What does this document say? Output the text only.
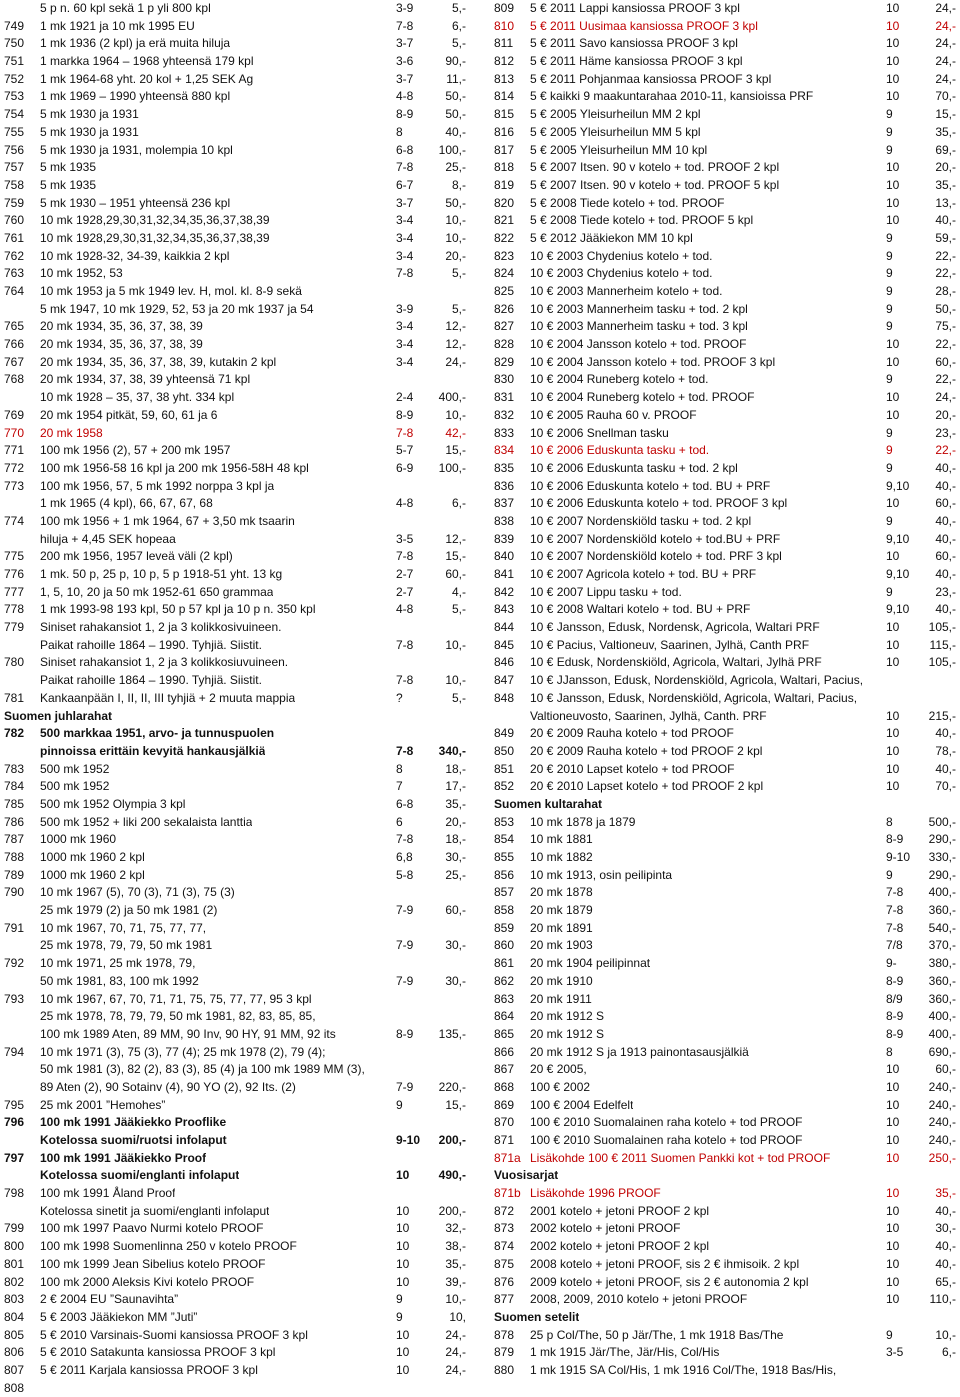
5 p n. 60 kpl sekä 1 p yli 800 kpl	3-9	5,-
749	1 mk 1921 ja 10 mk 1995 EU	7-8	6,-
750	1 mk 1936 (2 kpl) ja erä muita hiluja	3-7	5,-
751	1 markka 1964 – 1968 yhteensä 179 kpl	3-6	90,-
752	1 mk 1964-68 yht. 20 kol + 1,25 SEK Ag	3-7	11,-
753	1 mk 1969 – 1990 yhteensä 880 kpl	4-8	50,-
754	5 mk 1930 ja 1931	8-9	50,-
755	5 mk 1930 ja 1931	8	40,-
756	5 mk 1930 ja 1931, molempia 10 kpl	6-8	100,-
757	5 mk 1935	7-8	25,-
758	5 mk 1935	6-7	8,-
759	5 mk 1930 – 1951 yhteensä 236 kpl	3-7	50,-
760	10 mk 1928,29,30,31,32,34,35,36,37,38,39	3-4	10,-
761	10 mk 1928,29,30,31,32,34,35,36,37,38,39	3-4	10,-
762	10 mk 1928-32, 34-39, kaikkia 2 kpl	3-4	20,-
763	10 mk 1952, 53	7-8	5,-
764	10 mk 1953 ja 5 mk 1949 lev. H, mol. kl. 8-9 sekä
5 mk 1947, 10 mk 1929, 52, 53 ja 20 mk 1937 ja 54	3-9	5,-
765	20 mk 1934, 35, 36, 37, 38, 39	3-4	12,-
766	20 mk 1934, 35, 36, 37, 38, 39	3-4	12,-
767	20 mk 1934, 35, 36, 37, 38, 39, kutakin 2 kpl	3-4	24,-
768	20 mk 1934, 37, 38, 39 yhteensä 71 kpl
10 mk 1928 – 35, 37, 38 yht. 334 kpl	2-4	400,-
769	20 mk 1954 pitkät, 59, 60, 61 ja 6	8-9	10,-
770	20 mk 1958	7-8	42,-
771	100 mk 1956 (2), 57 + 200 mk 1957	5-7	15,-
772	100 mk 1956-58 16 kpl ja 200 mk 1956-58H 48 kpl	6-9	100,-
773	100 mk 1956, 57, 5 mk 1992 norppa 3 kpl ja
1 mk 1965 (4 kpl), 66, 67, 67, 68	4-8	6,-
774	100 mk 1956 + 1 mk 1964, 67 + 3,50 mk tsaarin
hiluja + 4,45 SEK hopeaa	3-5	12,-
775	200 mk 1956, 1957 leveä väli (2 kpl)	7-8	15,-
776	1 mk. 50 p, 25 p, 10 p, 5 p 1918-51 yht. 13 kg	2-7	60,-
777	1, 5, 10, 20 ja 50 mk 1952-61 650 grammaa	2-7	4,-
778	1 mk 1993-98 193 kpl, 50 p 57 kpl ja 10 p n. 350 kpl	4-8	5,-
779	Siniset rahakansiot 1, 2 ja 3 kolikkosivuineen.
Paikat rahoille 1864 – 1990. Tyhjiä. Siistit.	7-8	10,-
780	Siniset rahakansiot 1, 2 ja 3 kolikkosiuvuineen.
Paikat rahoille 1864 – 1990. Tyhjiä. Siistit.	7-8	10,-
781	Kankaanpään I, II, II, III tyhjiä + 2 muuta mappia	?	5,-
Suomen juhlarahat
782	500 markkaa 1951, arvo- ja tunnuspuolen
pinnoissa erittäin kevyitä hankausjälkiä	7-8	340,-
783	500 mk 1952	8	18,-
784	500 mk 1952	7	17,-
785	500 mk 1952 Olympia 3 kpl	6-8	35,-
786	500 mk 1952 + liki 200 sekalaista lanttia	6	20,-
787	1000 mk 1960	7-8	18,-
788	1000 mk 1960 2 kpl	6,8	30,-
789	1000 mk 1960 2 kpl	5-8	25,-
790	10 mk 1967 (5), 70 (3), 71 (3), 75 (3)
25 mk 1979 (2) ja 50 mk 1981 (2)	7-9	60,-
791	10 mk 1967, 70, 71, 75, 77, 77,
25 mk 1978, 79, 79, 50 mk 1981	7-9	30,-
792	10 mk 1971, 25 mk 1978, 79,
50 mk 1981, 83, 100 mk 1992	7-9	30,-
793	10 mk 1967, 67, 70, 71, 71, 75, 75, 77, 77, 95 3 kpl
25 mk 1978, 78, 79, 79, 50 mk 1981, 82, 83, 85, 85,
100 mk 1989 Aten, 89 MM, 90 Inv, 90 HY, 91 MM, 92 its	8-9	135,-
794	10 mk 1971 (3), 75 (3), 77 (4); 25 mk 1978 (2), 79 (4);
50 mk 1981 (3), 82 (2), 83 (3), 85 (4) ja 100 mk 1989 MM (3),
89 Aten (2), 90 Sotainv (4), 90 YO (2), 92 Its. (2)	7-9	220,-
795	25 mk 2001 ”Hemohes”	9	15,-
796	100 mk 1991 Jääkiekko Prooflike
Kotelossa suomi/ruotsi infolaput	9-10	200,-
797	100 mk 1991 Jääkiekko Proof
Kotelossa suomi/englanti infolaput	10	490,-
798	100 mk 1991 Åland Proof
Kotelossa sinetit ja suomi/englanti infolaput	10	200,-
799	100 mk 1997 Paavo Nurmi kotelo PROOF	10	32,-
800	100 mk 1998 Suomenlinna 250 v kotelo PROOF	10	38,-
801	100 mk 1999 Jean Sibelius kotelo PROOF	10	35,-
802	100 mk 2000 Aleksis Kivi kotelo PROOF	10	39,-
803	2 € 2004 EU ”Saunavihta”	9	10,-
804	5 € 2003 Jääkiekon MM ”Juti”	9	10,
805	5 € 2010 Varsinais-Suomi kansiossa PROOF 3 kpl	10	24,-
806	5 € 2010 Satakunta kansiossa PROOF 3 kpl	10	24,-
807	5 € 2011 Karjala kansiossa PROOF 3 kpl	10	24,-
808
809	5 € 2011 Lappi kansiossa PROOF 3 kpl	10	24,-
810	5 € 2011 Uusimaa kansiossa PROOF 3 kpl	10	24,-
811	5 € 2011 Savo kansiossa PROOF 3 kpl	10	24,-
812	5 € 2011 Häme kansiossa PROOF 3 kpl	10	24,-
813	5 € 2011 Pohjanmaa kansiossa PROOF 3 kpl	10	24,-
814	5 € kaikki 9 maakuntarahaa 2010-11, kansioissa PRF	10	70,-
815	5 € 2005 Yleisurheilun MM 2 kpl	9	15,-
816	5 € 2005 Yleisurheilun MM 5 kpl	9	35,-
817	5 € 2005 Yleisurheilun MM 10 kpl	9	69,-
818	5 € 2007 Itsen. 90 v kotelo + tod. PROOF 2 kpl	10	20,-
819	5 € 2007 Itsen. 90 v kotelo + tod. PROOF 5 kpl	10	35,-
820	5 € 2008 Tiede kotelo + tod. PROOF	10	13,-
821	5 € 2008 Tiede kotelo + tod. PROOF 5 kpl	10	40,-
822	5 € 2012 Jääkiekon MM 10 kpl	9	59,-
823	10 € 2003 Chydenius kotelo + tod.	9	22,-
824	10 € 2003 Chydenius kotelo + tod.	9	22,-
825	10 € 2003 Mannerheim kotelo + tod.	9	28,-
826	10 € 2003 Mannerheim tasku + tod. 2 kpl	9	50,-
827	10 € 2003 Mannerheim tasku + tod. 3 kpl	9	75,-
828	10 € 2004 Jansson kotelo + tod. PROOF	10	22,-
829	10 € 2004 Jansson kotelo + tod. PROOF 3 kpl	10	60,-
830	10 € 2004 Runeberg kotelo + tod.	9	22,-
831	10 € 2004 Runeberg kotelo + tod. PROOF	10	24,-
832	10 € 2005 Rauha 60 v. PROOF	10	20,-
833	10 € 2006 Snellman tasku	9	23,-
834	10 € 2006 Eduskunta tasku + tod.	9	22,-
835	10 € 2006 Eduskunta tasku + tod. 2 kpl	9	40,-
836	10 € 2006 Eduskunta kotelo + tod. BU + PRF	9,10	40,-
837	10 € 2006 Eduskunta kotelo + tod. PROOF 3 kpl	10	60,-
838	10 € 2007 Nordenskiöld tasku + tod. 2 kpl	9	40,-
839	10 € 2007 Nordenskiöld kotelo + tod.BU + PRF	9,10	40,-
840	10 € 2007 Nordenskiöld kotelo + tod. PRF 3 kpl	10	60,-
841	10 € 2007 Agricola kotelo + tod. BU + PRF	9,10	40,-
842	10 € 2007 Lippu tasku + tod.	9	23,-
843	10 € 2008 Waltari kotelo + tod. BU + PRF	9,10	40,-
844	10 € Jansson, Edusk, Nordensk, Agricola, Waltari PRF	10	105,-
845	10 € Pacius, Valtioneuv, Saarinen, Jylhä, Canth PRF	10	115,-
846	10 € Edusk, Nordenskiöld, Agricola, Waltari, Jylhä PRF	10	105,-
847	10 € JJansson, Edusk, Nordenskiöld, Agricola, Waltari, Pacius,
848	10 € Jansson, Edusk, Nordenskiöld, Agricola, Waltari, Pacius,
Valtioneuvosto, Saarinen, Jylhä, Canth. PRF	10	215,-
849	20 € 2009 Rauha kotelo + tod PROOF	10	40,-
850	20 € 2009 Rauha kotelo + tod PROOF 2 kpl	10	78,-
851	20 € 2010 Lapset kotelo + tod PROOF	10	40,-
852	20 € 2010 Lapset kotelo + tod PROOF 2 kpl	10	70,-
Suomen kultarahat
853	10 mk 1878 ja 1879	8	500,-
854	10 mk 1881	8-9	290,-
855	10 mk 1882	9-10	330,-
856	10 mk 1913, osin peilipinta	9	290,-
857	20 mk 1878	7-8	400,-
858	20 mk 1879	7-8	360,-
859	20 mk 1891	7-8	540,-
860	20 mk 1903	7/8	370,-
861	20 mk 1904 peilipinnat	9-	380,-
862	20 mk 1910	8-9	360,-
863	20 mk 1911	8/9	360,-
864	20 mk 1912 S	8-9	400,-
865	20 mk 1912 S	8-9	400,-
866	20 mk 1912 S ja 1913 painontasausjälkiä	8	690,-
867	20 € 2005,	10	60,-
868	100 € 2002	10	240,-
869	100 € 2004 Edelfelt	10	240,-
870	100 € 2010 Suomalainen raha kotelo + tod PROOF	10	240,-
871	100 € 2010 Suomalainen raha kotelo + tod PROOF	10	240,-
871a Lisäkohde 100 € 2011 Suomen Pankki kot + tod PROOF	10	250,-
Vuosisarjat
871b Lisäkohde 1996 PROOF	10	35,-
872	2001 kotelo + jetoni PROOF 2 kpl	10	40,-
873	2002 kotelo + jetoni PROOF	10	30,-
874	2002 kotelo + jetoni PROOF 2 kpl	10	40,-
875	2008 kotelo + jetoni PROOF, sis 2 € ihmisoik. 2 kpl	10	40,-
876	2009 kotelo + jetoni PROOF, sis 2 € autonomia 2 kpl	10	65,-
877	2008, 2009, 2010 kotelo + jetoni PROOF	10	110,-
Suomen setelit
878	25 p Col/The, 50 p Jär/The, 1 mk 1918 Bas/The	9	10,-
879	1 mk 1915 Jär/The, Jär/His, Col/His	3-5	6,-
880	1 mk 1915 SA Col/His, 1 mk 1916 Col/The, 1918 Bas/His,
